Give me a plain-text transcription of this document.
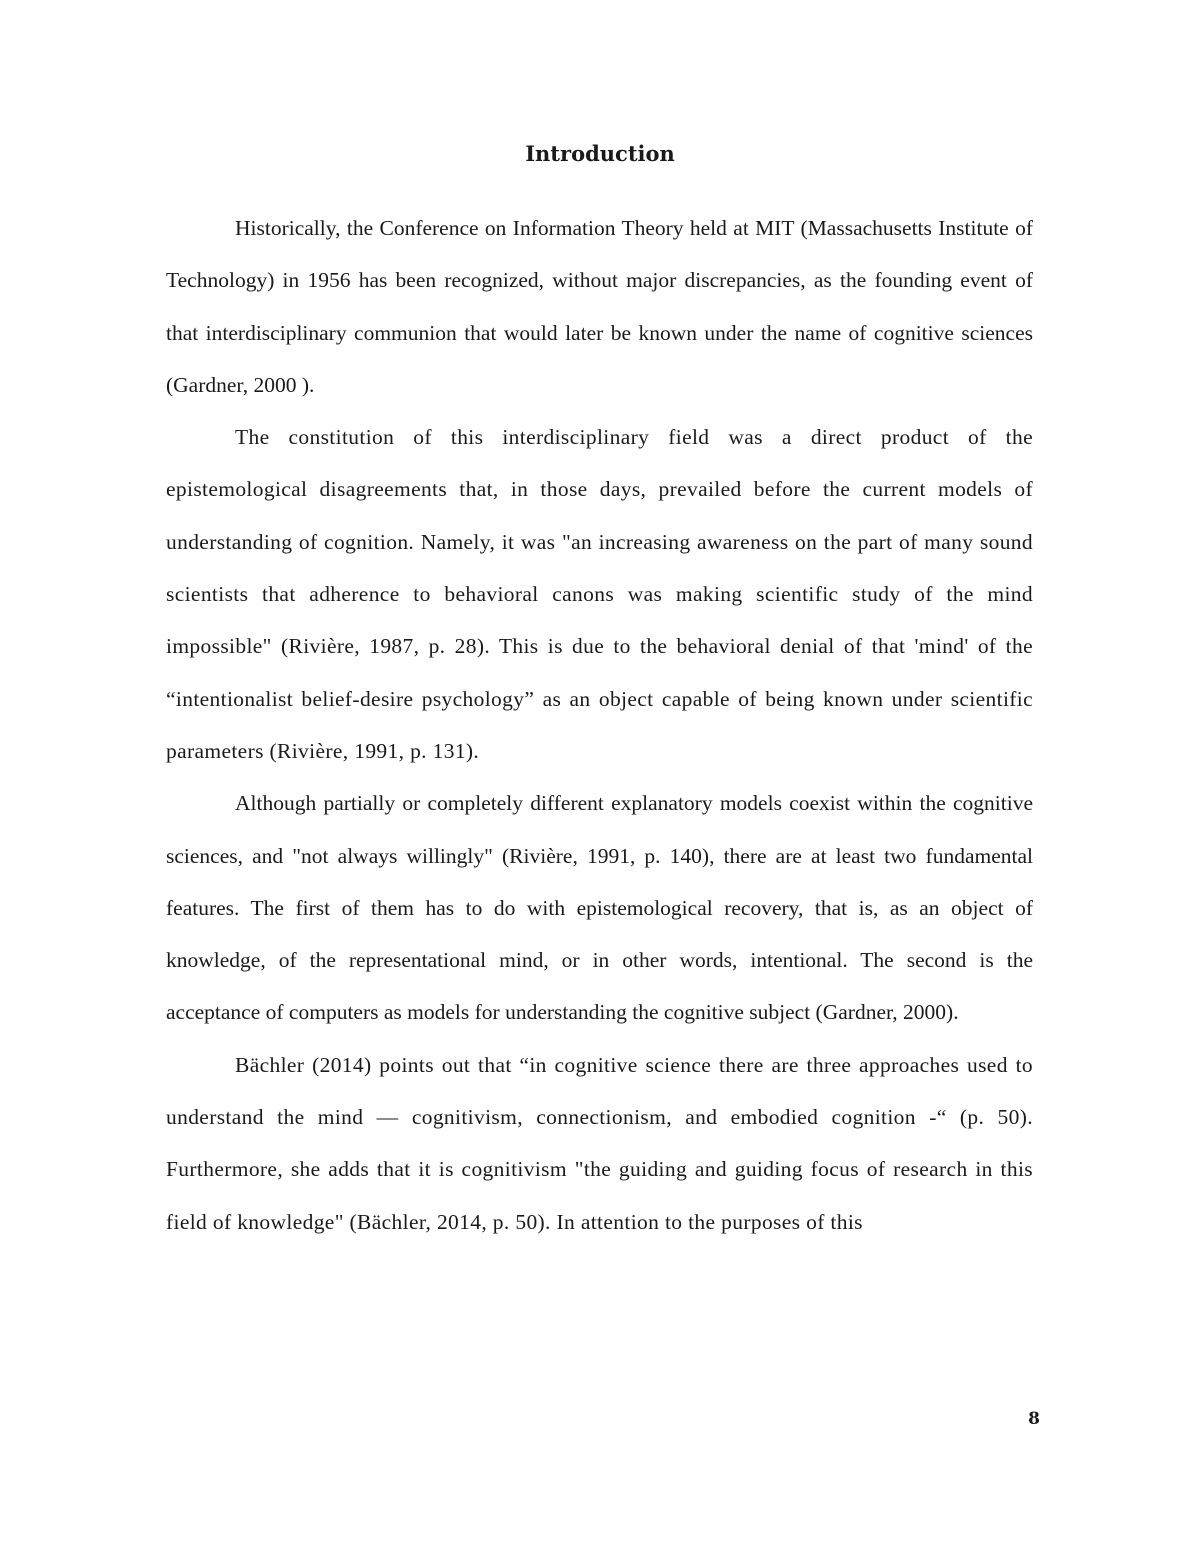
Introduction

Historically, the Conference on Information Theory held at MIT (Massachusetts Institute of Technology) in 1956 has been recognized, without major discrepancies, as the founding event of that interdisciplinary communion that would later be known under the name of cognitive sciences (Gardner, 2000 ).

The constitution of this interdisciplinary field was a direct product of the epistemological disagreements that, in those days, prevailed before the current models of understanding of cognition. Namely, it was "an increasing awareness on the part of many sound scientists that adherence to behavioral canons was making scientific study of the mind impossible" (Rivière, 1987, p. 28). This is due to the behavioral denial of that 'mind' of the “intentionalist belief-desire psychology” as an object capable of being known under scientific parameters (Rivière, 1991, p. 131).

Although partially or completely different explanatory models coexist within the cognitive sciences, and "not always willingly" (Rivière, 1991, p. 140), there are at least two fundamental features. The first of them has to do with epistemological recovery, that is, as an object of knowledge, of the representational mind, or in other words, intentional. The second is the acceptance of computers as models for understanding the cognitive subject (Gardner, 2000).

Bächler (2014) points out that “in cognitive science there are three approaches used to understand the mind — cognitivism, connectionism, and embodied cognition -“ (p. 50). Furthermore, she adds that it is cognitivism "the guiding and guiding focus of research in this field of knowledge" (Bächler, 2014, p. 50). In attention to the purposes of this

8
